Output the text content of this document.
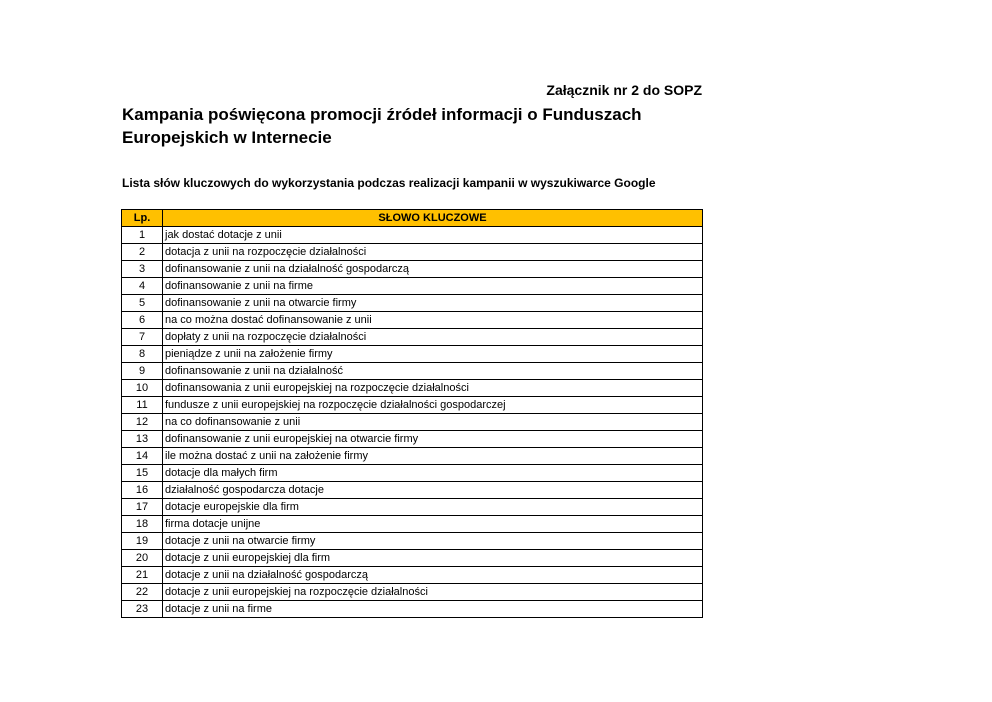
Załącznik nr 2 do SOPZ
Kampania poświęcona promocji źródeł informacji o Funduszach Europejskich w Internecie
Lista słów kluczowych do wykorzystania podczas realizacji kampanii w wyszukiwarce Google
Lp.	SŁOWO KLUCZOWE
1	jak dostać dotacje z unii
2	dotacja z unii na rozpoczęcie działalności
3	dofinansowanie z unii na działalność gospodarczą
4	dofinansowanie z unii na firme
5	dofinansowanie z unii na otwarcie firmy
6	na co można dostać dofinansowanie z unii
7	dopłaty z unii na rozpoczęcie działalności
8	pieniądze z unii na założenie firmy
9	dofinansowanie z unii na działalność
10	dofinansowania z unii europejskiej na rozpoczęcie działalności
11	fundusze z unii europejskiej na rozpoczęcie działalności gospodarczej
12	na co dofinansowanie z unii
13	dofinansowanie z unii europejskiej na otwarcie firmy
14	ile można dostać z unii na założenie firmy
15	dotacje dla małych firm
16	działalność gospodarcza dotacje
17	dotacje europejskie dla firm
18	firma dotacje unijne
19	dotacje z unii na otwarcie firmy
20	dotacje z unii europejskiej dla firm
21	dotacje z unii na działalność gospodarczą
22	dotacje z unii europejskiej na rozpoczęcie działalności
23	dotacje z unii na firme
